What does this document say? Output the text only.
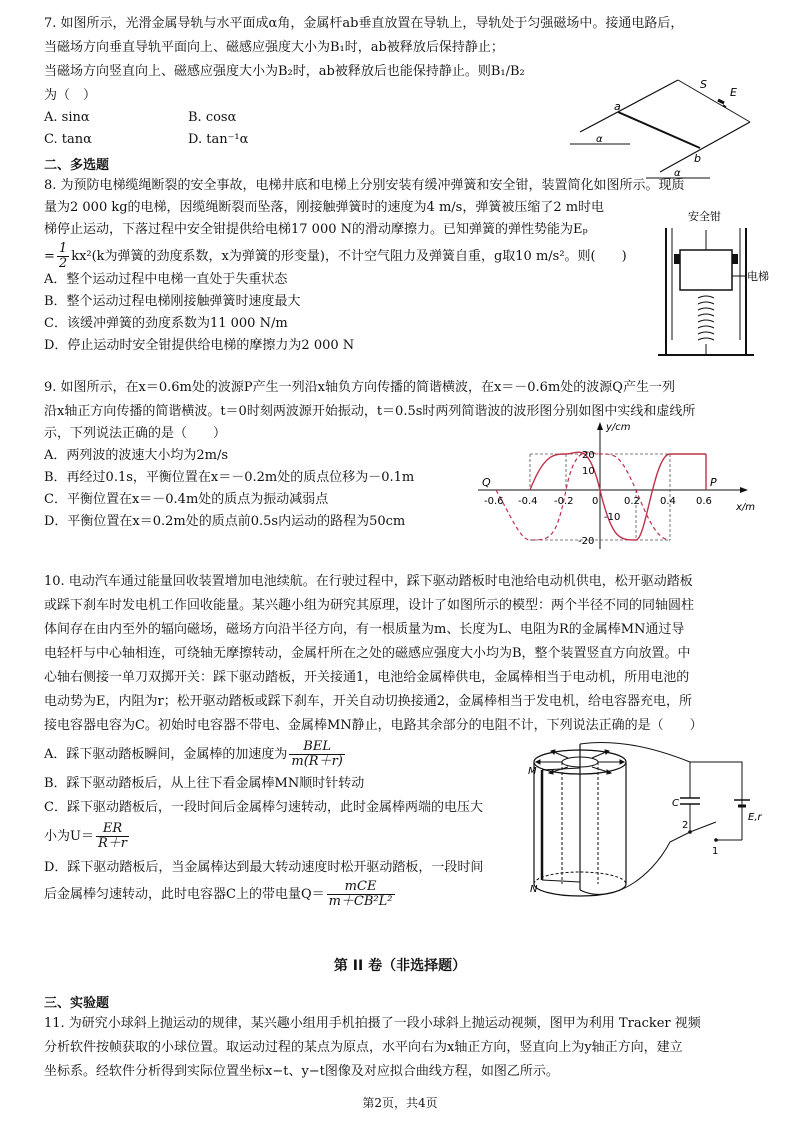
7. 如图所示，光滑金属导轨与水平面成α角，金属杆ab垂直放置在导轨上，导轨处于匀强磁场中。接通电路后，
当磁场方向垂直导轨平面向上、磁感应强度大小为B₁时，ab被释放后保持静止；
当磁场方向竖直向上、磁感应强度大小为B₂时，ab被释放后也能保持静止。则B₁/B₂
为（　）
A. sinα	B. cosα
C. tanα	D. tan⁻¹α
a
b
S
E
α
α
二、多选题
8. 为预防电梯缆绳断裂的安全事故，电梯井底和电梯上分别安装有缓冲弹簧和安全钳，装置简化如图所示。现质
量为2 000 kg的电梯，因缆绳断裂而坠落，刚接触弹簧时的速度为4 m/s，弹簧被压缩了2 m时电
梯停止运动，下落过程中安全钳提供给电梯17 000 N的滑动摩擦力。已知弹簧的弹性势能为Eₚ
= $\frac{1}{2} kx^2(k$为弹簧的劲度系数，x为弹簧的形变量)，不计空气阻力及弹簧自重，g取10 m/s²。则(　　)
A．整个运动过程中电梯一直处于失重状态
B．整个运动过程电梯刚接触弹簧时速度最大
C．该缓冲弹簧的劲度系数为11 000 N/m
D．停止运动时安全钳提供给电梯的摩擦力为2 000 N
安全钳
电梯
9. 如图所示，在x＝0.6m处的波源P产生一列沿x轴负方向传播的简谐横波，在x＝－0.6m处的波源Q产生一列
沿x轴正方向传播的简谐横波。t＝0时刻两波源开始振动，t＝0.5s时两列简谐波的波形图分别如图中实线和虚线所
示，下列说法正确的是（　　）
A．两列波的波速大小均为2m/s
B．再经过0.1s，平衡位置在x＝－0.2m处的质点位移为－0.1m
C．平衡位置在x＝－0.4m处的质点为振动减弱点
D．平衡位置在x＝0.2m处的质点前0.5s内运动的路程为50cm
y/cm
x/m
Q	P
0
-0.6 -0.4 -0.2	0.2 0.4 0.6
20
10
-10
-20
10. 电动汽车通过能量回收装置增加电池续航。在行驶过程中，踩下驱动踏板时电池给电动机供电，松开驱动踏板
或踩下刹车时发电机工作回收能量。某兴趣小组为研究其原理，设计了如图所示的模型：两个半径不同的同轴圆柱
体间存在由内至外的辐向磁场，磁场方向沿半径方向，有一根质量为m、长度为L、电阻为R的金属棒MN通过导
电轻杆与中心轴相连，可绕轴无摩擦转动，金属杆所在之处的磁感应强度大小均为B，整个装置竖直方向放置。中
心轴右侧接一单刀双掷开关：踩下驱动踏板，开关接通1，电池给金属棒供电，金属棒相当于电动机，所用电池的
电动势为E，内阻为r；松开驱动踏板或踩下刹车，开关自动切换接通2，金属棒相当于发电机，给电容器充电，所
接电容器电容为C。初始时电容器不带电、金属棒MN静止，电路其余部分的电阻不计，下列说法正确的是（　　）
A．踩下驱动踏板瞬间，金属棒的加速度为 $\frac{\text{BEL}}{m(R+r)}$
B．踩下驱动踏板后，从上往下看金属棒MN顺时针转动
C．踩下驱动踏板后，一段时间后金属棒匀速转动，此时金属棒两端的电压大
小为$U= \frac{ER}{R+r}$
D．踩下驱动踏板后，当金属棒达到最大转动速度时松开驱动踏板，一段时间
后金属棒匀速转动，此时电容器C上的带电量$Q= \frac{\text{mCE}}{\text{m＋CB²L²}}$
M
N
C
E,r
2
1
第 II 卷（非选择题）
三、实验题
11. 为研究小球斜上抛运动的规律，某兴趣小组用手机拍摄了一段小球斜上抛运动视频，图甲为利用 Tracker 视频
分析软件按帧获取的小球位置。取运动过程的某点为原点，水平向右为x轴正方向，竖直向上为y轴正方向，建立
坐标系。经软件分析得到实际位置坐标x−t、y−t图像及对应拟合曲线方程，如图乙所示。
第2页，共4页
